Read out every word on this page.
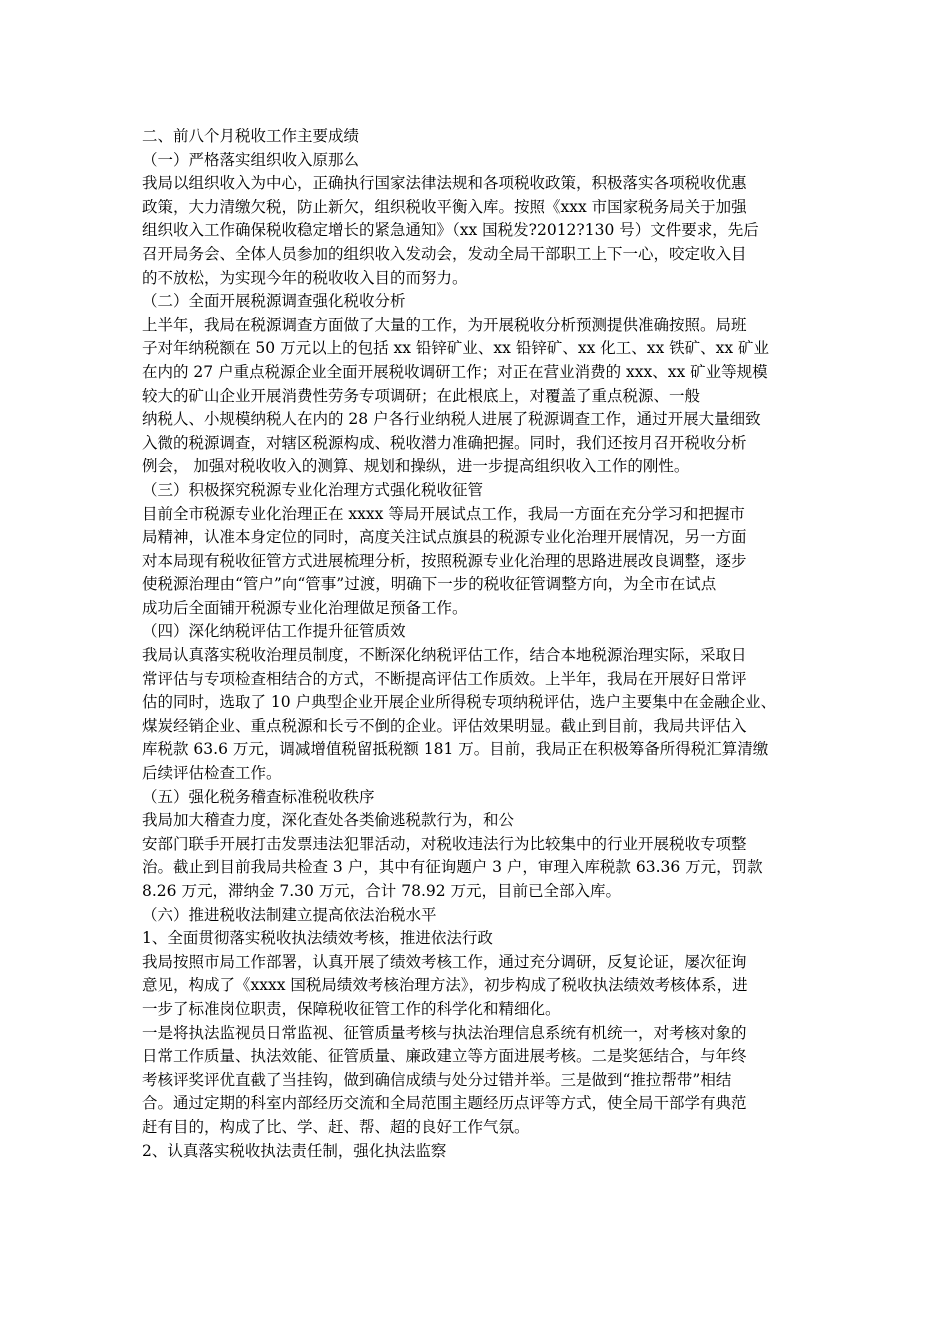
二、前八个月税收工作主要成绩
（一）严格落实组织收入原那么
我局以组织收入为中心，正确执行国家法律法规和各项税收政策，积极落实各项税收优惠
政策，大力清缴欠税，防止新欠，组织税收平衡入库。按照《xxx 市国家税务局关于加强
组织收入工作确保税收稳定增长的紧急通知》（xx 国税发?2012?130 号）文件要求，先后
召开局务会、全体人员参加的组织收入发动会，发动全局干部职工上下一心，咬定收入目
的不放松，为实现今年的税收收入目的而努力。
（二）全面开展税源调查强化税收分析
上半年，我局在税源调查方面做了大量的工作，为开展税收分析预测提供准确按照。局班
子对年纳税额在 50 万元以上的包括 xx 铅锌矿业、xx 铅锌矿、xx 化工、xx 铁矿、xx 矿业
在内的 27 户重点税源企业全面开展税收调研工作；对正在营业消费的 xxx、xx 矿业等规模
较大的矿山企业开展消费性劳务专项调研；在此根底上，对覆盖了重点税源、一般
纳税人、小规模纳税人在内的 28 户各行业纳税人进展了税源调查工作，通过开展大量细致
入微的税源调查，对辖区税源构成、税收潜力准确把握。同时，我们还按月召开税收分析
例会， 加强对税收收入的测算、规划和操纵，进一步提高组织收入工作的刚性。
（三）积极探究税源专业化治理方式强化税收征管
目前全市税源专业化治理正在 xxxx 等局开展试点工作，我局一方面在充分学习和把握市
局精神，认准本身定位的同时，高度关注试点旗县的税源专业化治理开展情况，另一方面
对本局现有税收征管方式进展梳理分析，按照税源专业化治理的思路进展改良调整，逐步
使税源治理由“管户”向“管事”过渡，明确下一步的税收征管调整方向，为全市在试点
成功后全面铺开税源专业化治理做足预备工作。
（四）深化纳税评估工作提升征管质效
我局认真落实税收治理员制度，不断深化纳税评估工作，结合本地税源治理实际，采取日
常评估与专项检查相结合的方式，不断提高评估工作质效。上半年，我局在开展好日常评
估的同时，选取了 10 户典型企业开展企业所得税专项纳税评估，选户主要集中在金融企业、
煤炭经销企业、重点税源和长亏不倒的企业。评估效果明显。截止到目前，我局共评估入
库税款 63.6 万元，调减增值税留抵税额 181 万。目前，我局正在积极筹备所得税汇算清缴
后续评估检查工作。
（五）强化税务稽查标准税收秩序
我局加大稽查力度，深化查处各类偷逃税款行为，和公
安部门联手开展打击发票违法犯罪活动，对税收违法行为比较集中的行业开展税收专项整
治。截止到目前我局共检查 3 户，其中有征询题户 3 户，审理入库税款 63.36 万元，罚款
8.26 万元，滞纳金 7.30 万元，合计 78.92 万元，目前已全部入库。
（六）推进税收法制建立提高依法治税水平
1、全面贯彻落实税收执法绩效考核，推进依法行政
我局按照市局工作部署，认真开展了绩效考核工作，通过充分调研，反复论证，屡次征询
意见，构成了《xxxx 国税局绩效考核治理方法》，初步构成了税收执法绩效考核体系，进
一步了标准岗位职责，保障税收征管工作的科学化和精细化。
一是将执法监视员日常监视、征管质量考核与执法治理信息系统有机统一，对考核对象的
日常工作质量、执法效能、征管质量、廉政建立等方面进展考核。二是奖惩结合，与年终
考核评奖评优直截了当挂钩，做到确信成绩与处分过错并举。三是做到“推拉帮带”相结
合。通过定期的科室内部经历交流和全局范围主题经历点评等方式，使全局干部学有典范
赶有目的，构成了比、学、赶、帮、超的良好工作气氛。
2、认真落实税收执法责任制，强化执法监察
